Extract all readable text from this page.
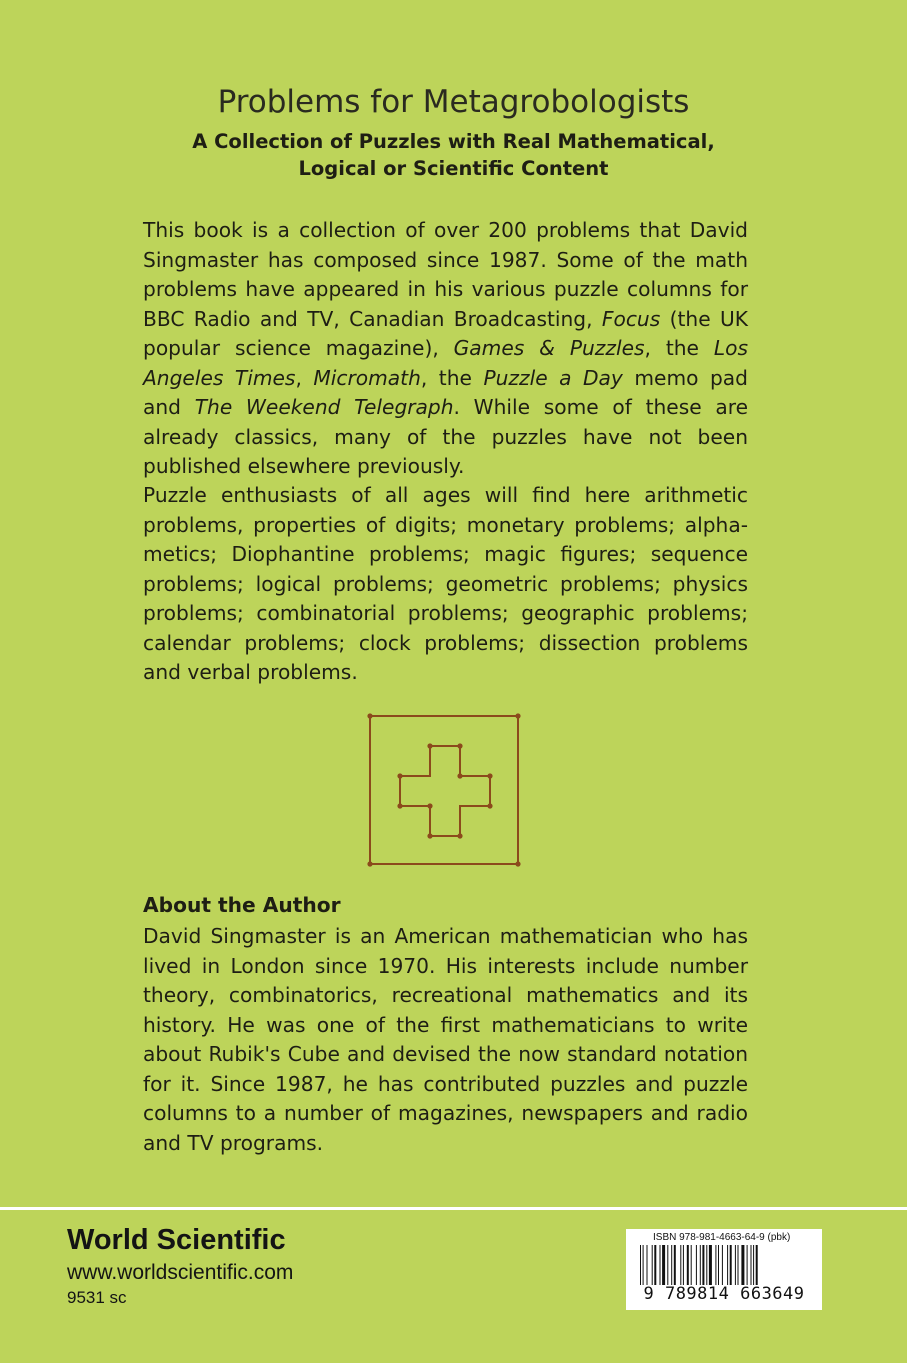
Problems for Metagrobologists
A Collection of Puzzles with Real Mathematical,
Logical or Scientific Content

This book is a collection of over 200 problems that David Singmaster has composed since 1987. Some of the math problems have appeared in his various puzzle columns for BBC Radio and TV, Canadian Broadcasting, Focus (the UK popular science magazine), Games & Puzzles, the Los Angeles Times, Micromath, the Puzzle a Day memo pad and The Weekend Telegraph. While some of these are already classics, many of the puzzles have not been published elsewhere previously.

Puzzle enthusiasts of all ages will find here arithmetic problems, properties of digits; monetary problems; alphametics; Diophantine problems; magic figures; sequence problems; logical problems; geometric problems; physics problems; combinatorial problems; geographic problems; calendar problems; clock problems; dissection problems and verbal problems.

About the Author

David Singmaster is an American mathematician who has lived in London since 1970. His interests include number theory, combinatorics, recreational mathematics and its history. He was one of the first mathematicians to write about Rubik's Cube and devised the now standard notation for it. Since 1987, he has contributed puzzles and puzzle columns to a number of magazines, newspapers and radio and TV programs.

World Scientific
www.worldscientific.com
9531 sc
ISBN 978-981-4663-64-9 (pbk)
9 789814 663649
